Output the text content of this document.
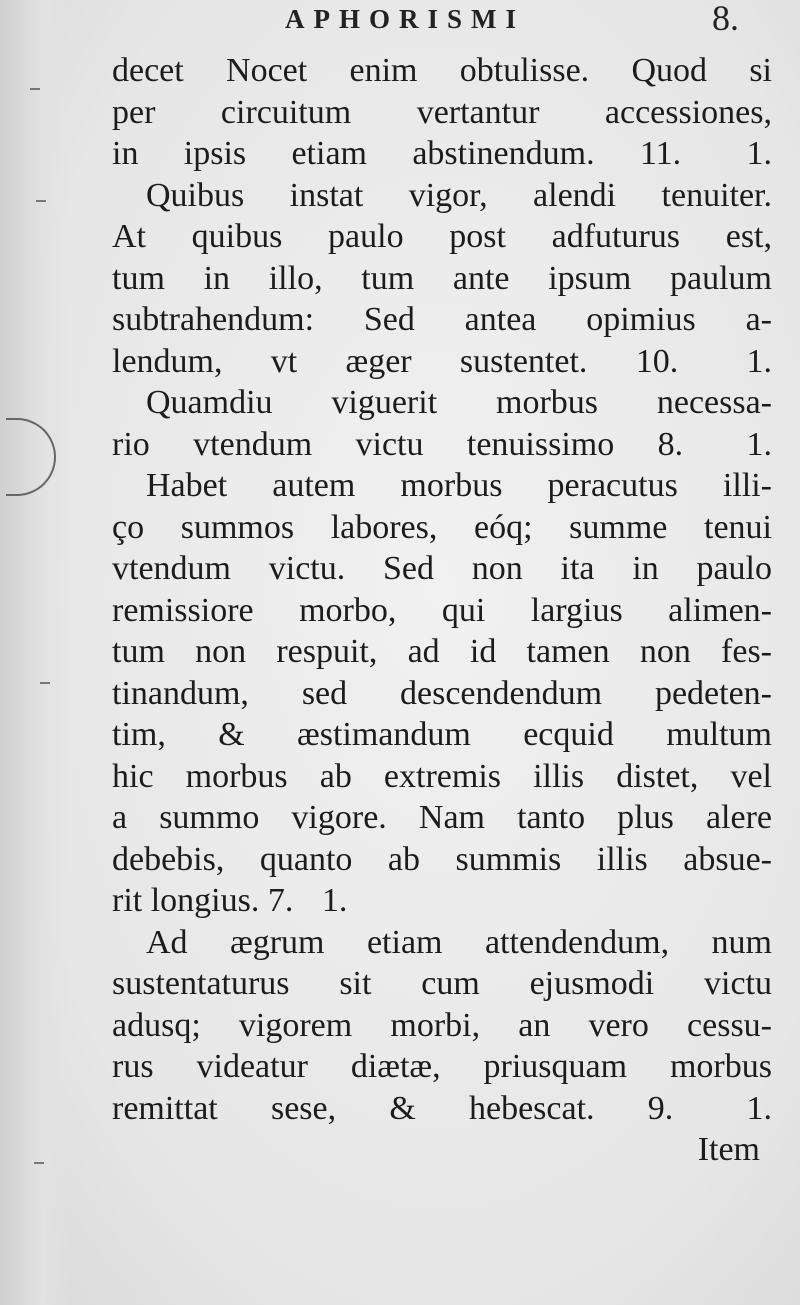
APHORISMI	8.
decet Nocet enim obtulisse. Quod si
per circuitum vertantur accessiones,
in ipsis etiam abstinendum. 11. 1.
Quibus instat vigor, alendi tenuiter.
At quibus paulo post adfuturus est,
tum in illo, tum ante ipsum paulum
subtrahendum: Sed antea opimius a-
lendum, vt æger sustentet. 10. 1.
Quamdiu viguerit morbus necessa-
rio vtendum victu tenuissimo 8. 1.
Habet autem morbus peracutus illi-
ço summos labores, eóq; summe tenui
vtendum victu. Sed non ita in paulo
remissiore morbo, qui largius alimen-
tum non respuit, ad id tamen non fes-
tinandum, sed descendendum pedeten-
tim, & æstimandum ecquid multum
hic morbus ab extremis illis distet, vel
a summo vigore. Nam tanto plus alere
debebis, quanto ab summis illis absue-
rit longius. 7. 1.
Ad ægrum etiam attendendum, num
sustentaturus sit cum ejusmodi victu
adusq; vigorem morbi, an vero cessu-
rus videatur diætæ, priusquam morbus
remittat sese, & hebescat. 9. 1.
Item
